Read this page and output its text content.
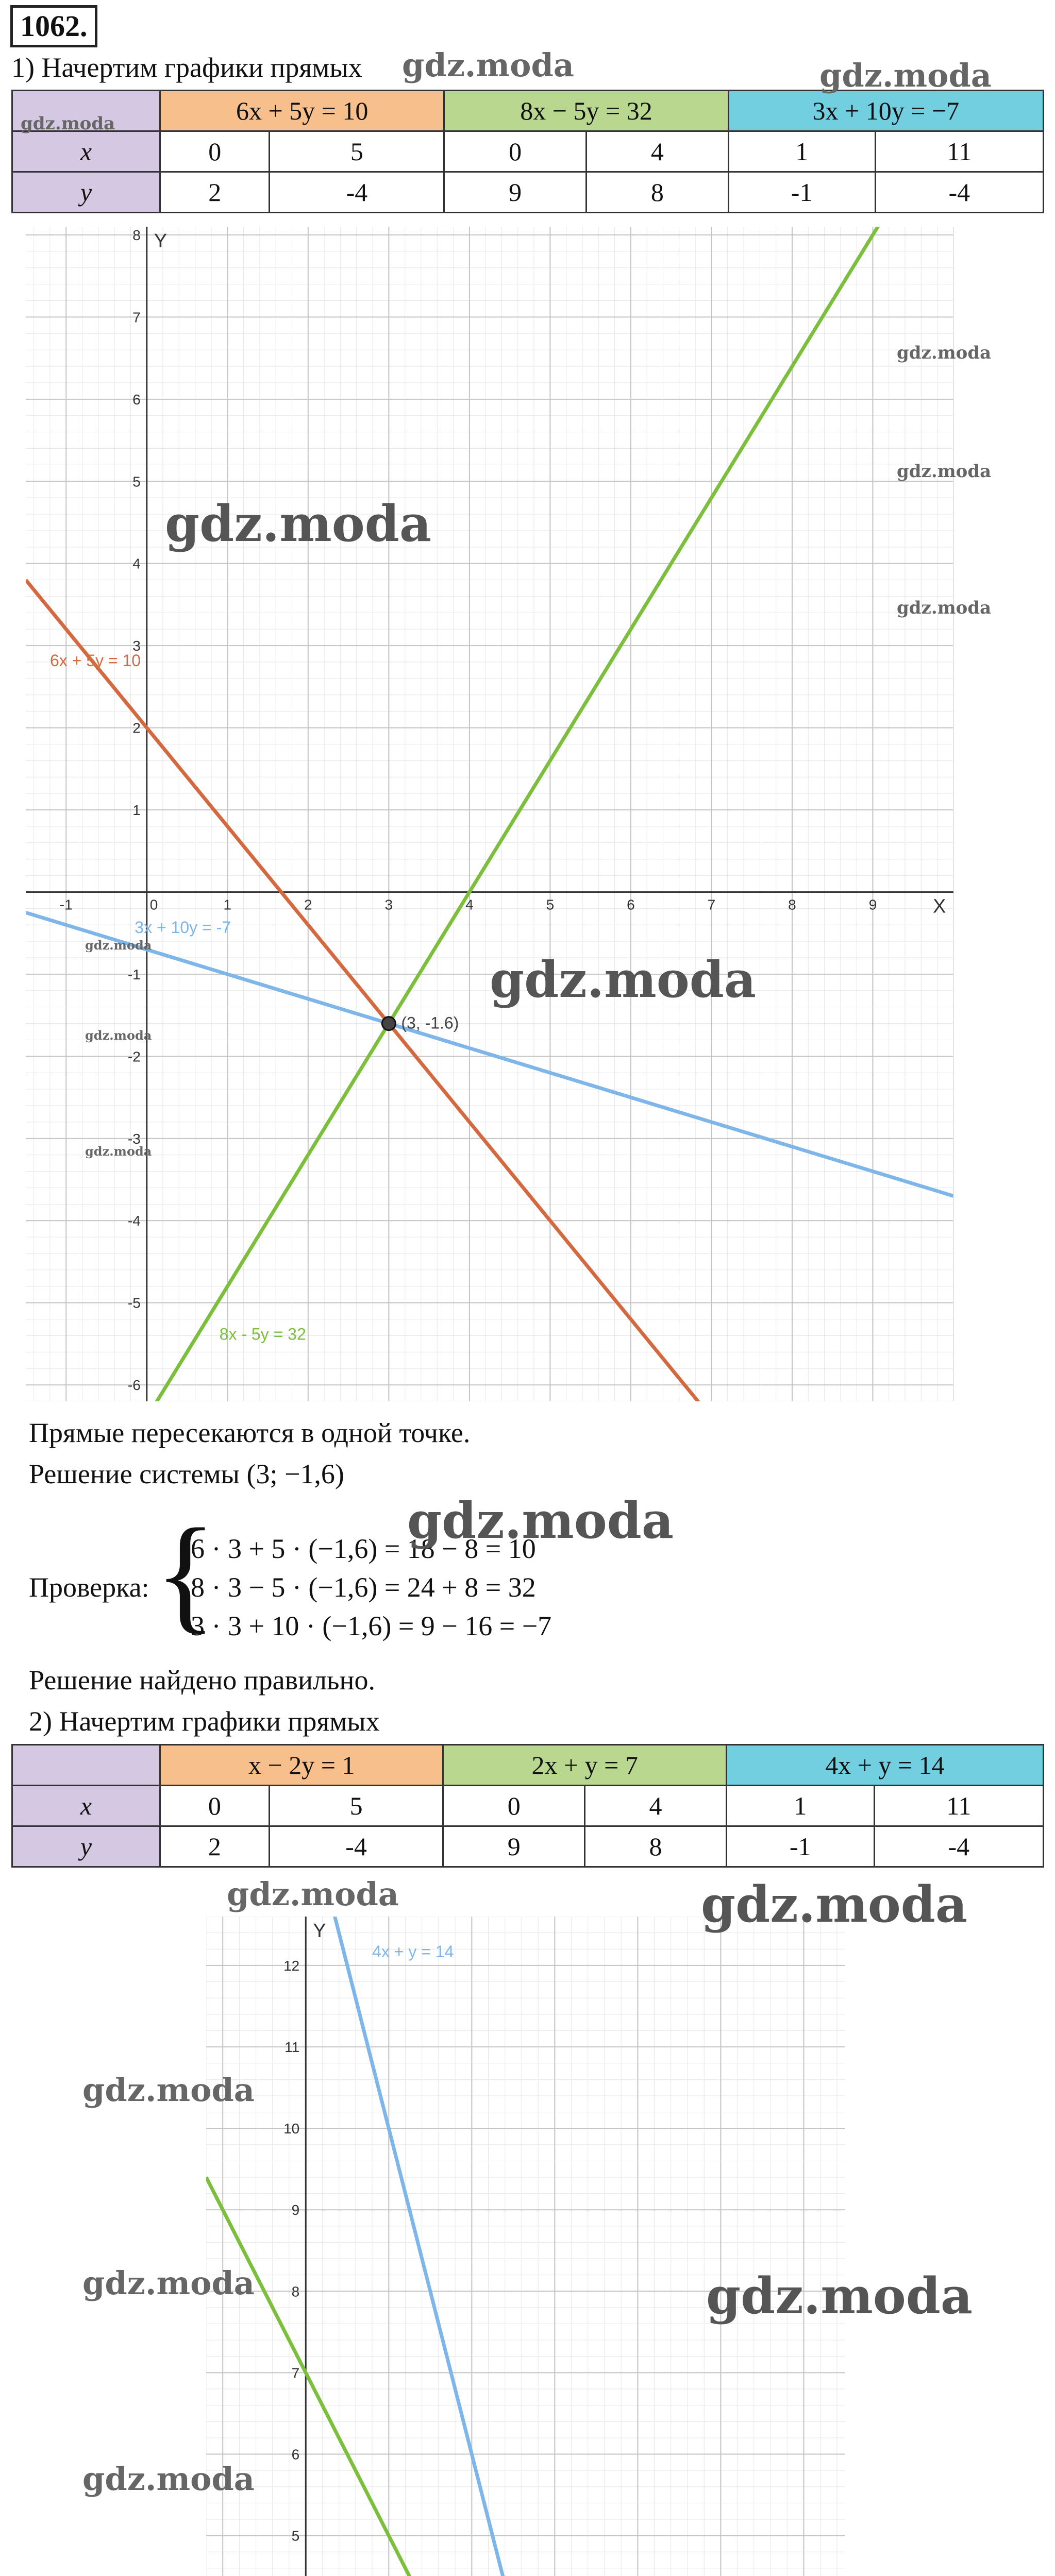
1062.
1) Начертим графики прямых
	6x + 5y = 10		8x − 5y = 32		3x + 10y = −7	
x	0	5	0	4	1	11
y	2	-4	9	8	-1	-4
-1	0	1	2	3	4	5	6	7	8	9
-6
-5
-4
-3
-2
-1
1
2
3
4
5
6
7
8
X
Y
6x + 5y = 10
8x - 5y = 32
3x + 10y = -7
(3, -1.6)
Прямые пересекаются в одной точке.
Решение системы (3; −1,6)
Проверка: {
6 · 3 + 5 · (−1,6) = 18 − 8 = 10
8 · 3 − 5 · (−1,6) = 24 + 8 = 32
3 · 3 + 10 · (−1,6) = 9 − 16 = −7
Решение найдено правильно.
2) Начертим графики прямых
	x − 2y = 1		2x + y = 7		4x + y = 14	
x	0	5	0	4	1	11
y	2	-4	9	8	-1	-4
5
6
7
8
9
10
11
12
Y
4x + y = 14
gdz.moda	gdz.moda
gdz.moda
gdz.moda
gdz.moda
gdz.moda
gdz.moda
gdz.moda
gdz.moda
gdz.moda
gdz.moda
gdz.moda
gdz.moda	gdz.moda
gdz.moda
gdz.moda	gdz.moda
gdz.moda
